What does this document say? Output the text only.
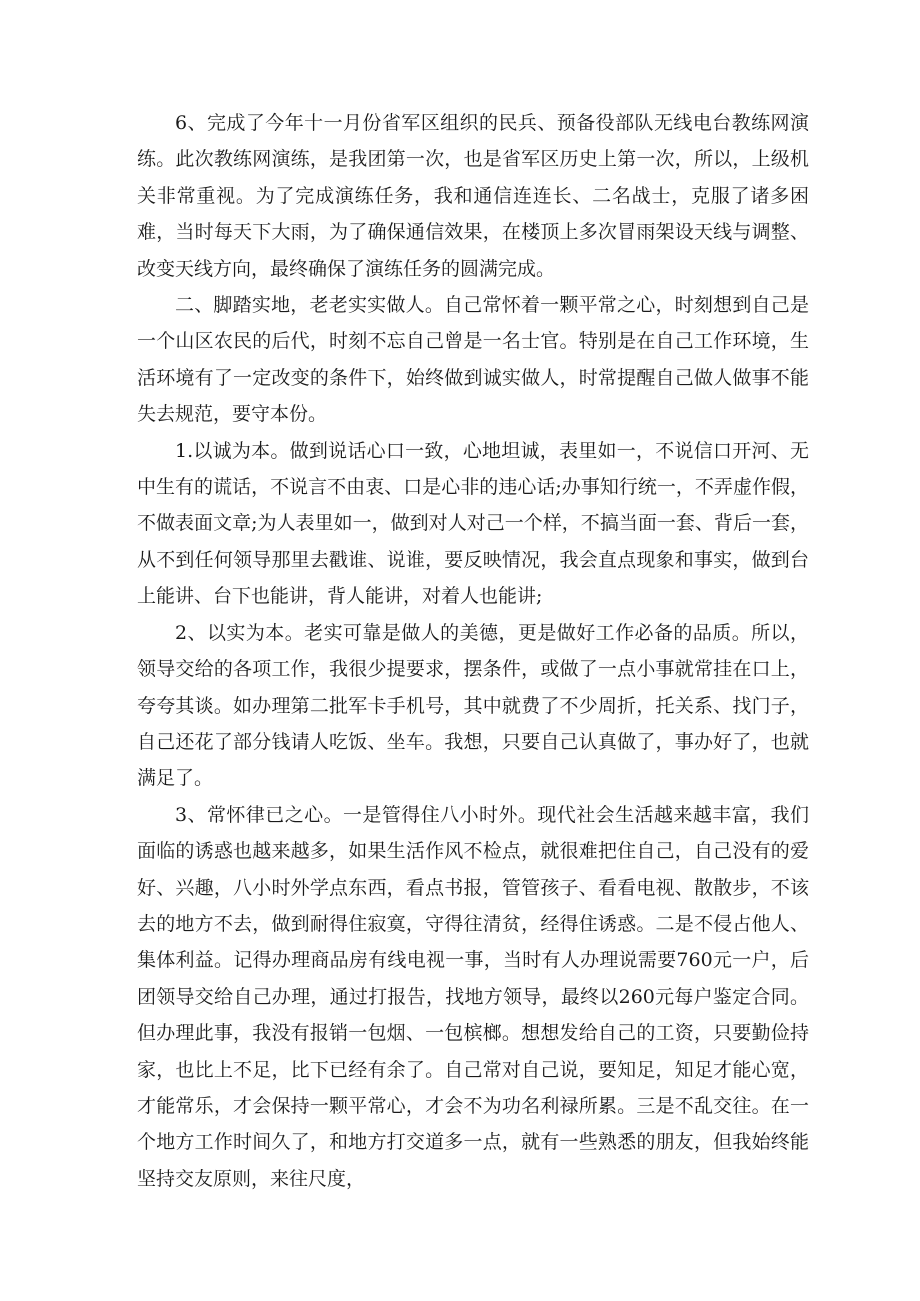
6、完成了今年十一月份省军区组织的民兵、预备役部队无线电台教练网演练。此次教练网演练，是我团第一次，也是省军区历史上第一次，所以，上级机关非常重视。为了完成演练任务，我和通信连连长、二名战士，克服了诸多困难，当时每天下大雨，为了确保通信效果，在楼顶上多次冒雨架设天线与调整、改变天线方向，最终确保了演练任务的圆满完成。

二、脚踏实地，老老实实做人。自己常怀着一颗平常之心，时刻想到自己是一个山区农民的后代，时刻不忘自己曾是一名士官。特别是在自己工作环境，生活环境有了一定改变的条件下，始终做到诚实做人，时常提醒自己做人做事不能失去规范，要守本份。

1.以诚为本。做到说话心口一致，心地坦诚，表里如一，不说信口开河、无中生有的谎话，不说言不由衷、口是心非的违心话;办事知行统一，不弄虚作假，不做表面文章;为人表里如一，做到对人对己一个样，不搞当面一套、背后一套，从不到任何领导那里去戳谁、说谁，要反映情况，我会直点现象和事实，做到台上能讲、台下也能讲，背人能讲，对着人也能讲;

2、以实为本。老实可靠是做人的美德，更是做好工作必备的品质。所以，领导交给的各项工作，我很少提要求，摆条件，或做了一点小事就常挂在口上，夸夸其谈。如办理第二批军卡手机号，其中就费了不少周折，托关系、找门子，自己还花了部分钱请人吃饭、坐车。我想，只要自己认真做了，事办好了，也就满足了。

3、常怀律已之心。一是管得住八小时外。现代社会生活越来越丰富，我们面临的诱惑也越来越多，如果生活作风不检点，就很难把住自己，自己没有的爱好、兴趣，八小时外学点东西，看点书报，管管孩子、看看电视、散散步，不该去的地方不去，做到耐得住寂寞，守得往清贫，经得住诱惑。二是不侵占他人、集体利益。记得办理商品房有线电视一事，当时有人办理说需要760元一户，后团领导交给自己办理，通过打报告，找地方领导，最终以260元每户鉴定合同。但办理此事，我没有报销一包烟、一包槟榔。想想发给自己的工资，只要勤俭持家，也比上不足，比下已经有余了。自己常对自己说，要知足，知足才能心宽，才能常乐，才会保持一颗平常心，才会不为功名利禄所累。三是不乱交往。在一个地方工作时间久了，和地方打交道多一点，就有一些熟悉的朋友，但我始终能坚持交友原则，来往尺度，
